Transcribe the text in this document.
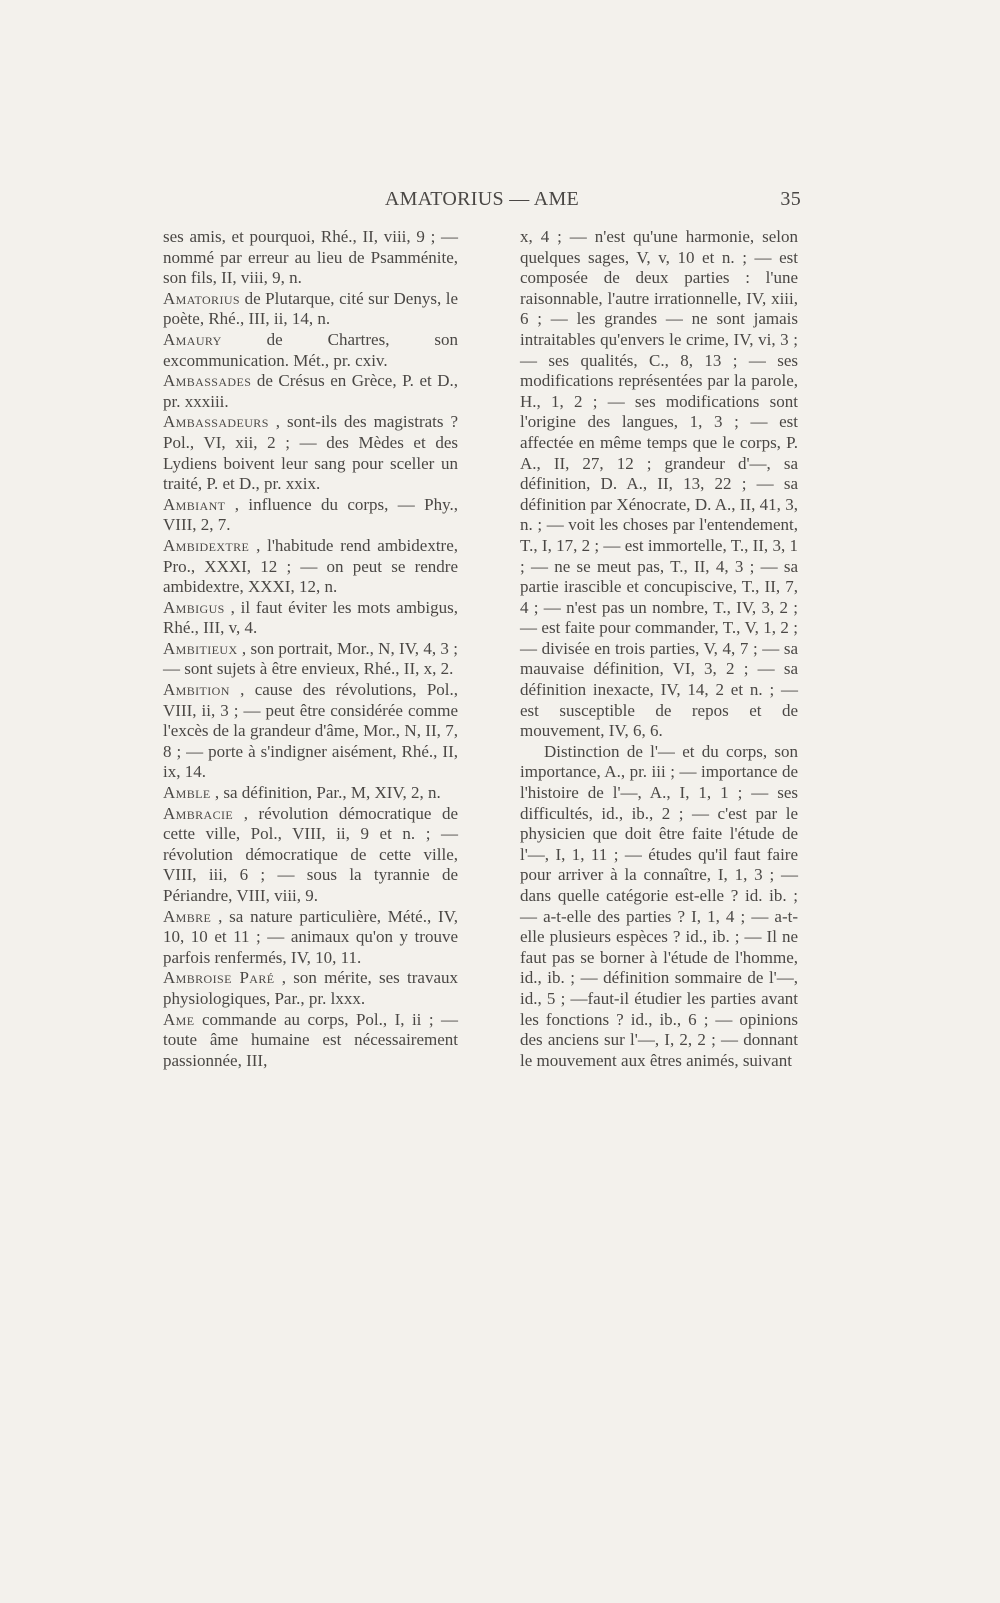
AMATORIUS — AME	35

ses amis, et pourquoi, Rhé., II, viii, 9 ; — nommé par erreur au lieu de Psamménite, son fils, II, viii, 9, n.

Amatorius de Plutarque, cité sur Denys, le poète, Rhé., III, ii, 14, n.

Amaury	de Chartres, son excommunication. Mét., pr. cxiv.

Ambassades de Crésus en Grèce, P. et D., pr. xxxiii.

Ambassadeurs , sont-ils des magistrats ? Pol., VI, xii, 2 ; — des Mèdes et des Lydiens boivent leur sang pour sceller un traité, P. et D., pr. xxix.

Ambiant , influence du corps, — Phy., VIII, 2, 7.

Ambidextre , l'habitude rend ambidextre, Pro., XXXI, 12 ; — on peut se rendre ambidextre, XXXI, 12, n.

Ambigus , il faut éviter les mots ambigus, Rhé., III, v, 4.

Ambitieux , son portrait, Mor., N, IV, 4, 3 ; — sont sujets à être envieux, Rhé., II, x, 2.

Ambition , cause des révolutions, Pol., VIII, ii, 3 ; — peut être considérée comme l'excès de la grandeur d'âme, Mor., N, II, 7, 8 ; — porte à s'indigner aisément, Rhé., II, ix, 14.

Amble , sa définition, Par., M, XIV, 2, n.

Ambracie , révolution démocratique de cette ville, Pol., VIII, ii, 9 et n. ; — révolution démocratique de cette ville, VIII, iii, 6 ; — sous la tyrannie de Périandre, VIII, viii, 9.

Ambre , sa nature particulière, Mété., IV, 10, 10 et 11 ; — animaux qu'on y trouve parfois renfermés, IV, 10, 11.

Ambroise Paré , son mérite, ses travaux physiologiques, Par., pr. lxxx.

Ame commande au corps, Pol., I, ii ; — toute âme humaine est nécessairement passionnée, III,

x, 4 ; — n'est qu'une harmonie, selon quelques sages, V, v, 10 et n. ; — est composée de deux parties : l'une raisonnable, l'autre irrationnelle, IV, xiii, 6 ; — les grandes — ne sont jamais intraitables qu'envers le crime, IV, vi, 3 ; — ses qualités, C., 8, 13 ; — ses modifications représentées par la parole, H., 1, 2 ; — ses modifications sont l'origine des langues, 1, 3 ; — est affectée en même temps que le corps, P. A., II, 27, 12 ; grandeur d'—, sa définition, D. A., II, 13, 22 ; — sa définition par Xénocrate, D. A., II, 41, 3, n. ; — voit les choses par l'entendement, T., I, 17, 2 ; — est immortelle, T., II, 3, 1 ; — ne se meut pas, T., II, 4, 3 ; — sa partie irascible et concupiscive, T., II, 7, 4 ; — n'est pas un nombre, T., IV, 3, 2 ; — est faite pour commander, T., V, 1, 2 ; — divisée en trois parties, V, 4, 7 ; — sa mauvaise définition, VI, 3, 2 ; — sa définition inexacte, IV, 14, 2 et n. ; — est susceptible de repos et de mouvement, IV, 6, 6.

Distinction de l'— et du corps, son importance, A., pr. iii ; — importance de l'histoire de l'—, A., I, 1, 1 ; — ses difficultés, id., ib., 2 ; — c'est par le physicien que doit être faite l'étude de l'—, I, 1, 11 ; — études qu'il faut faire pour arriver à la connaître, I, 1, 3 ; — dans quelle catégorie est-elle ? id. ib. ; — a-t-elle des parties ? I, 1, 4 ; — a-t-elle plusieurs espèces ? id., ib. ; — Il ne faut pas se borner à l'étude de l'homme, id., ib. ; — définition sommaire de l'—, id., 5 ; —faut-il étudier les parties avant les fonctions ? id., ib., 6 ; — opinions des anciens sur l'—, I, 2, 2 ; — donnant le mouvement aux êtres animés, suivant
